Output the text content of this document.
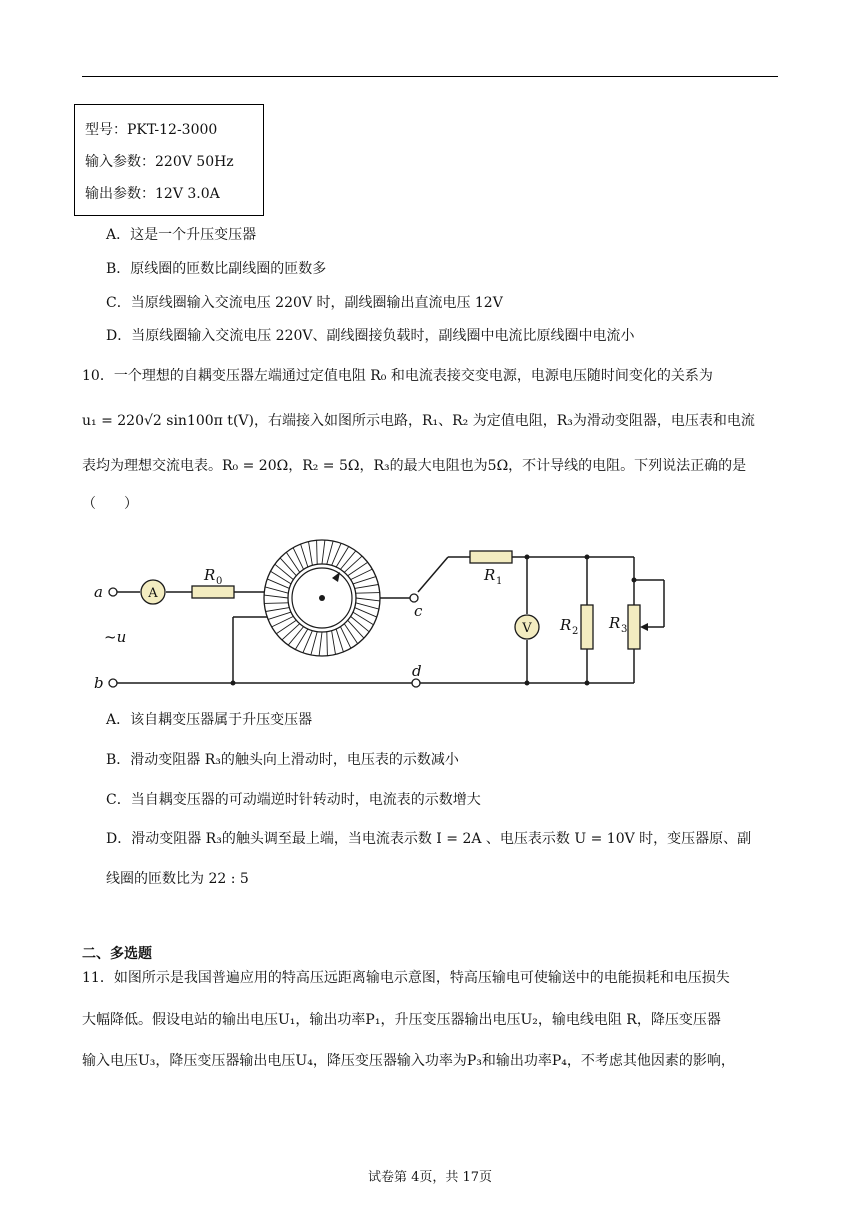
型号：PKT-12-3000
输入参数：220V 50Hz
输出参数：12V 3.0A
A．这是一个升压变压器
B．原线圈的匝数比副线圈的匝数多
C．当原线圈输入交流电压 220V 时，副线圈输出直流电压 12V
D．当原线圈输入交流电压 220V、副线圈接负载时，副线圈中电流比原线圈中电流小
10．一个理想的自耦变压器左端通过定值电阻 R₀ 和电流表接交变电源，电源电压随时间变化的关系为
u₁ = 220√2 sin100π t(V)，右端接入如图所示电路，R₁、R₂ 为定值电阻，R₃为滑动变阻器，电压表和电流
表均为理想交流电表。R₀ = 20Ω，R₂ = 5Ω，R₃的最大电阻也为5Ω，不计导线的电阻。下列说法正确的是
（　　）
A
V
a
b
c
d
~u
R 0	R 1
R 2 R 3
A．该自耦变压器属于升压变压器
B．滑动变阻器 R₃的触头向上滑动时，电压表的示数减小
C．当自耦变压器的可动端逆时针转动时，电流表的示数增大
D．滑动变阻器 R₃的触头调至最上端，当电流表示数 I = 2A 、电压表示数 U = 10V 时，变压器原、副
线圈的匝数比为 22 : 5
二、多选题
11．如图所示是我国普遍应用的特高压远距离输电示意图，特高压输电可使输送中的电能损耗和电压损失
大幅降低。假设电站的输出电压U₁，输出功率P₁，升压变压器输出电压U₂，输电线电阻 R，降压变压器
输入电压U₃，降压变压器输出电压U₄，降压变压器输入功率为P₃和输出功率P₄，不考虑其他因素的影响，
试卷第 4页，共 17页
